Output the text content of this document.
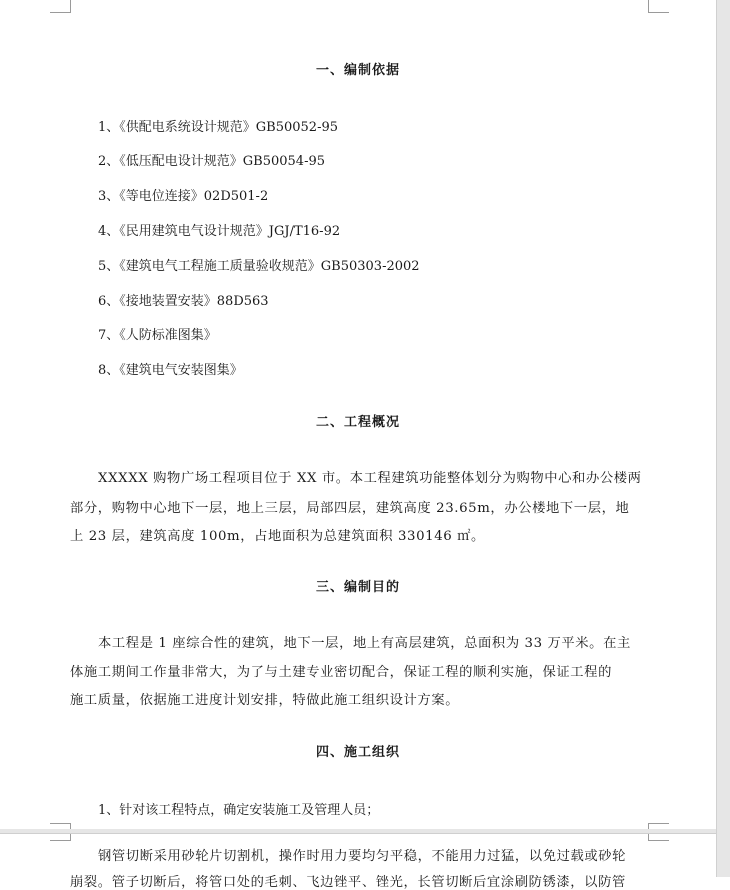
一、编制依据
1、《供配电系统设计规范》GB50052-95
2、《低压配电设计规范》GB50054-95
3、《等电位连接》02D501-2
4、《民用建筑电气设计规范》JGJ/T16-92
5、《建筑电气工程施工质量验收规范》GB50303-2002
6、《接地装置安装》88D563
7、《人防标准图集》
8、《建筑电气安装图集》
二、工程概况
XXXXX 购物广场工程项目位于 XX 市。本工程建筑功能整体划分为购物中心和办公楼两
部分，购物中心地下一层，地上三层，局部四层，建筑高度 23.65m，办公楼地下一层，地
上 23 层，建筑高度 100m，占地面积为总建筑面积 330146 ㎡。
三、编制目的
本工程是 1 座综合性的建筑，地下一层，地上有高层建筑，总面积为 33 万平米。在主
体施工期间工作量非常大，为了与土建专业密切配合，保证工程的顺利实施，保证工程的
施工质量，依据施工进度计划安排，特做此施工组织设计方案。
四、施工组织
1、针对该工程特点，确定安装施工及管理人员；
钢管切断采用砂轮片切割机，操作时用力要均匀平稳，不能用力过猛，以免过载或砂轮
崩裂。管子切断后，将管口处的毛刺、飞边锉平、锉光，长管切断后宜涂刷防锈漆，以防管
